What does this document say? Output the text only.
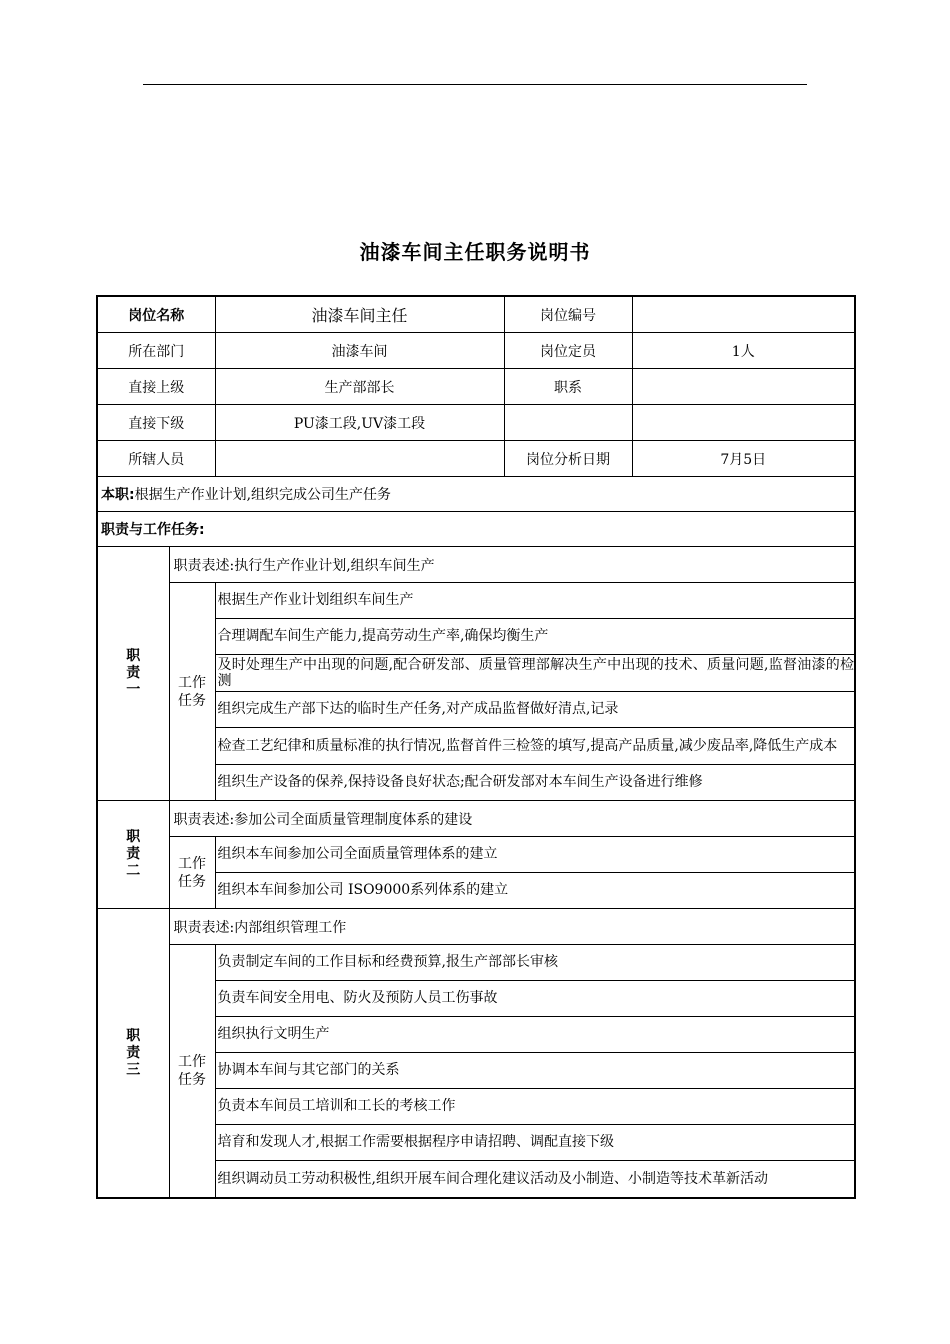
油漆车间主任职务说明书
岗位名称		油漆车间主任	岗位编号	
所在部门		油漆车间	岗位定员	1人
直接上级		生产部部长	职系	
直接下级		PU漆工段,UV漆工段		
所辖人员			岗位分析日期	7月5日
本职:根据生产作业计划,组织完成公司生产任务				
职责与工作任务:				

职责一	职责表述:执行生产作业计划,组织车间生产			

	工作任务	根据生产作业计划组织车间生产		
		合理调配车间生产能力,提高劳动生产率,确保均衡生产		
		及时处理生产中出现的问题,配合研发部、质量管理部解决生产中出现的技术、质量问题,监督油漆的检测		
		组织完成生产部下达的临时生产任务,对产成品监督做好清点,记录		
		检查工艺纪律和质量标准的执行情况,监督首件三检签的填写,提高产品质量,减少废品率,降低生产成本		
		组织生产设备的保养,保持设备良好状态;配合研发部对本车间生产设备进行维修		

职责二	职责表述:参加公司全面质量管理制度体系的建设			

	工作任务	组织本车间参加公司全面质量管理体系的建立		
		组织本车间参加公司 ISO9000系列体系的建立		

职责三	职责表述:内部组织管理工作			

	工作任务	负责制定车间的工作目标和经费预算,报生产部部长审核		
		负责车间安全用电、防火及预防人员工伤事故		
		组织执行文明生产		
		协调本车间与其它部门的关系		
		负责本车间员工培训和工长的考核工作		
		培育和发现人才,根据工作需要根据程序申请招聘、调配直接下级		
		组织调动员工劳动积极性,组织开展车间合理化建议活动及小制造、小制造等技术革新活动		
